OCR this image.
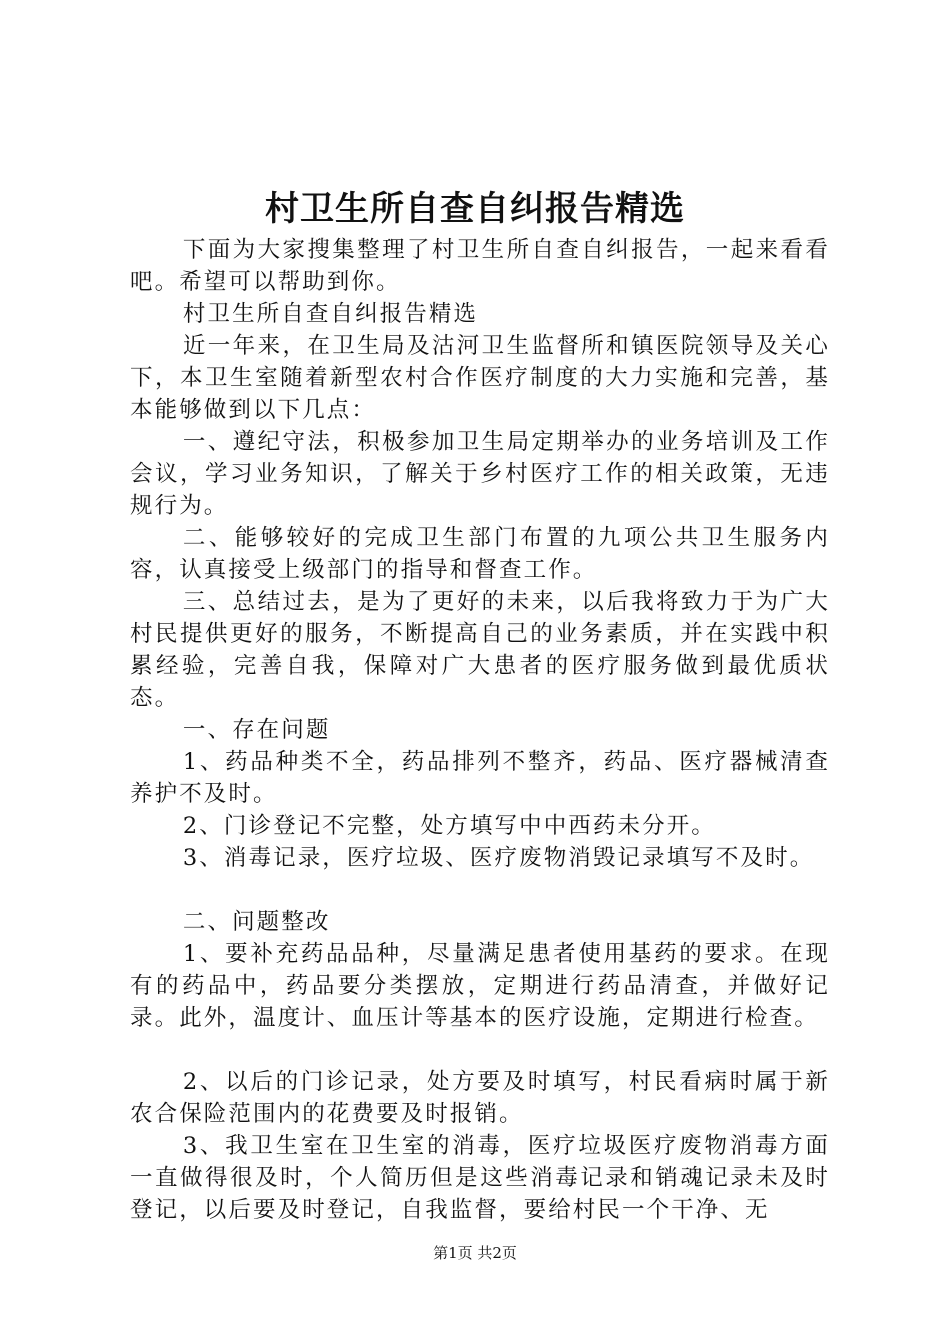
村卫生所自查自纠报告精选

下面为大家搜集整理了村卫生所自查自纠报告，一起来看看吧。希望可以帮助到你。

村卫生所自查自纠报告精选

近一年来，在卫生局及沽河卫生监督所和镇医院领导及关心下，本卫生室随着新型农村合作医疗制度的大力实施和完善，基本能够做到以下几点：

一、遵纪守法，积极参加卫生局定期举办的业务培训及工作会议，学习业务知识，了解关于乡村医疗工作的相关政策，无违规行为。

二、能够较好的完成卫生部门布置的九项公共卫生服务内容，认真接受上级部门的指导和督查工作。

三、总结过去，是为了更好的未来，以后我将致力于为广大村民提供更好的服务，不断提高自己的业务素质，并在实践中积累经验，完善自我，保障对广大患者的医疗服务做到最优质状态。

一、存在问题

1、药品种类不全，药品排列不整齐，药品、医疗器械清查养护不及时。

2、门诊登记不完整，处方填写中中西药未分开。

3、消毒记录，医疗垃圾、医疗废物消毁记录填写不及时。

二、问题整改

1、要补充药品品种，尽量满足患者使用基药的要求。在现有的药品中，药品要分类摆放，定期进行药品清查，并做好记录。此外，温度计、血压计等基本的医疗设施，定期进行检查。

2、以后的门诊记录，处方要及时填写，村民看病时属于新农合保险范围内的花费要及时报销。

3、我卫生室在卫生室的消毒，医疗垃圾医疗废物消毒方面一直做得很及时，个人简历但是这些消毒记录和销魂记录未及时登记，以后要及时登记，自我监督，要给村民一个干净、无

第1页 共2页
